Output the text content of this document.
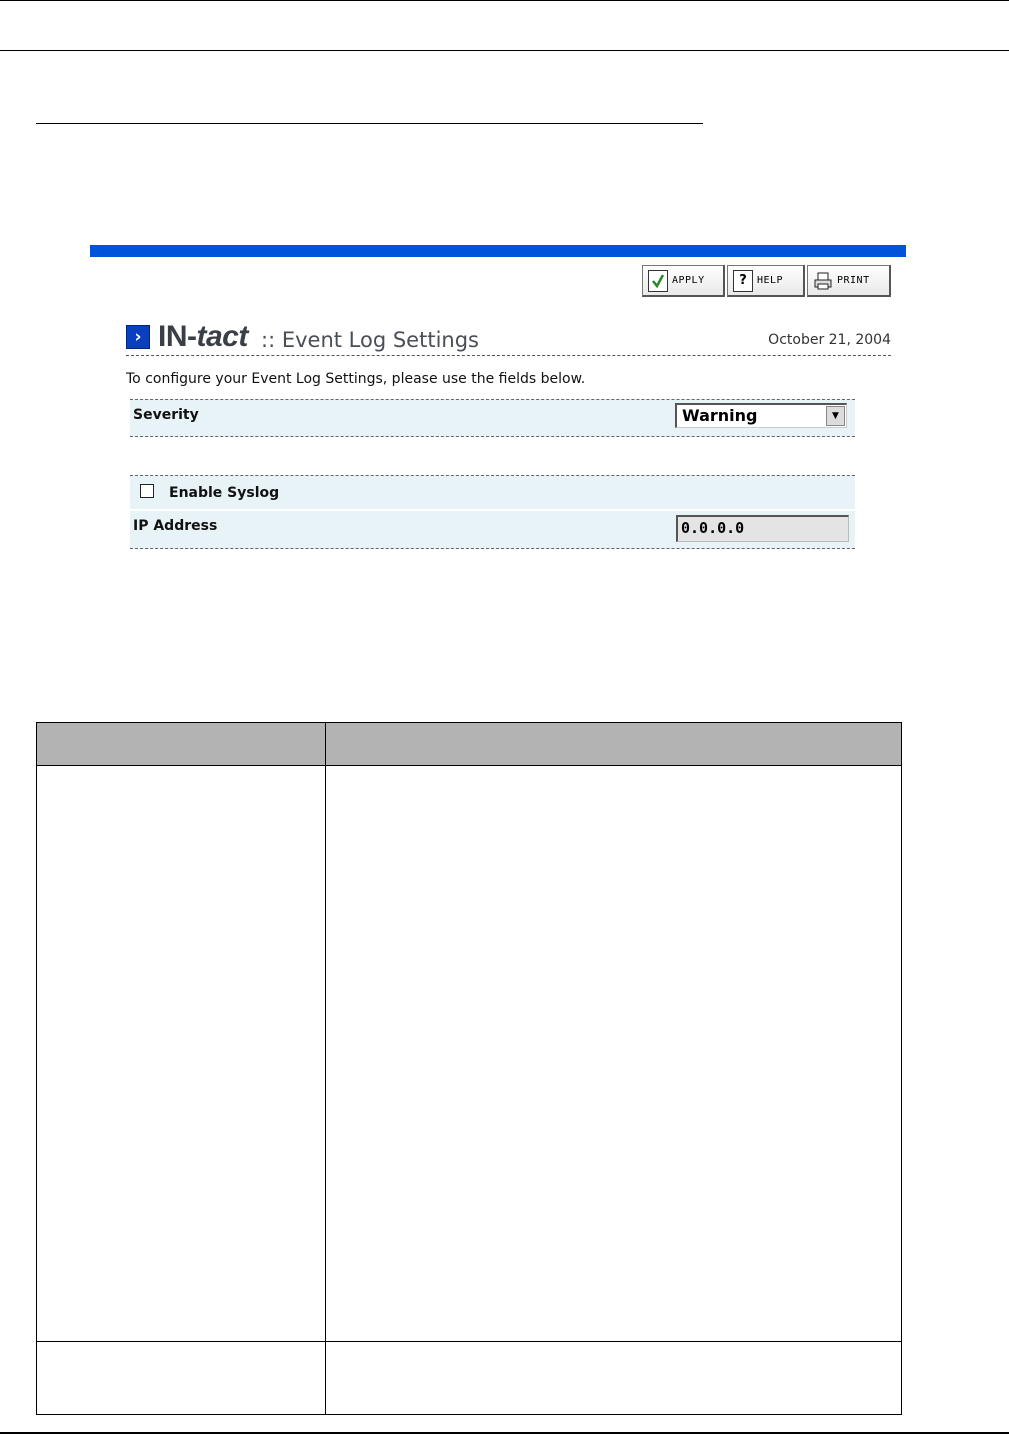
APPLY	?	HELP	PRINT
› IN-tact :: Event Log Settings	October 21, 2004
To configure your Event Log Settings, please use the fields below.
Severity	Warning	▼
Enable Syslog
IP Address	0.0.0.0
